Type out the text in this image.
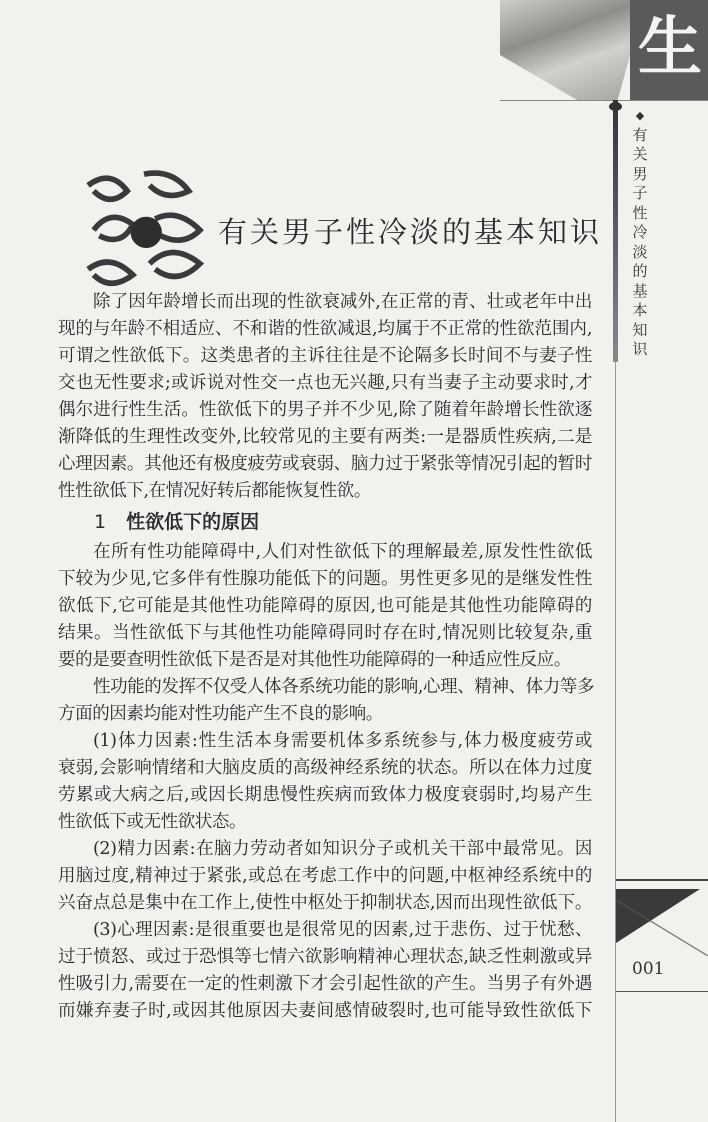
生
◆
有关男子性冷淡的基本知识
有关男子性冷淡的基本知识
除了因年龄增长而出现的性欲衰减外,在正常的青、壮或老年中出
现的与年龄不相适应、不和谐的性欲减退,均属于不正常的性欲范围内,
可谓之性欲低下。这类患者的主诉往往是不论隔多长时间不与妻子性
交也无性要求;或诉说对性交一点也无兴趣,只有当妻子主动要求时,才
偶尔进行性生活。性欲低下的男子并不少见,除了随着年龄增长性欲逐
渐降低的生理性改变外,比较常见的主要有两类:一是器质性疾病,二是
心理因素。其他还有极度疲劳或衰弱、脑力过于紧张等情况引起的暂时
性性欲低下,在情况好转后都能恢复性欲。
1 性欲低下的原因
在所有性功能障碍中,人们对性欲低下的理解最差,原发性性欲低
下较为少见,它多伴有性腺功能低下的问题。男性更多见的是继发性性
欲低下,它可能是其他性功能障碍的原因,也可能是其他性功能障碍的
结果。当性欲低下与其他性功能障碍同时存在时,情况则比较复杂,重
要的是要查明性欲低下是否是对其他性功能障碍的一种适应性反应。
性功能的发挥不仅受人体各系统功能的影响,心理、精神、体力等多
方面的因素均能对性功能产生不良的影响。
(1)体力因素:性生活本身需要机体多系统参与,体力极度疲劳或
衰弱,会影响情绪和大脑皮质的高级神经系统的状态。所以在体力过度
劳累或大病之后,或因长期患慢性疾病而致体力极度衰弱时,均易产生
性欲低下或无性欲状态。
(2)精力因素:在脑力劳动者如知识分子或机关干部中最常见。因
用脑过度,精神过于紧张,或总在考虑工作中的问题,中枢神经系统中的
兴奋点总是集中在工作上,使性中枢处于抑制状态,因而出现性欲低下。
(3)心理因素:是很重要也是很常见的因素,过于悲伤、过于忧愁、
过于愤怒、或过于恐惧等七情六欲影响精神心理状态,缺乏性刺激或异
性吸引力,需要在一定的性刺激下才会引起性欲的产生。当男子有外遇
而嫌弃妻子时,或因其他原因夫妻间感情破裂时,也可能导致性欲低下
001
